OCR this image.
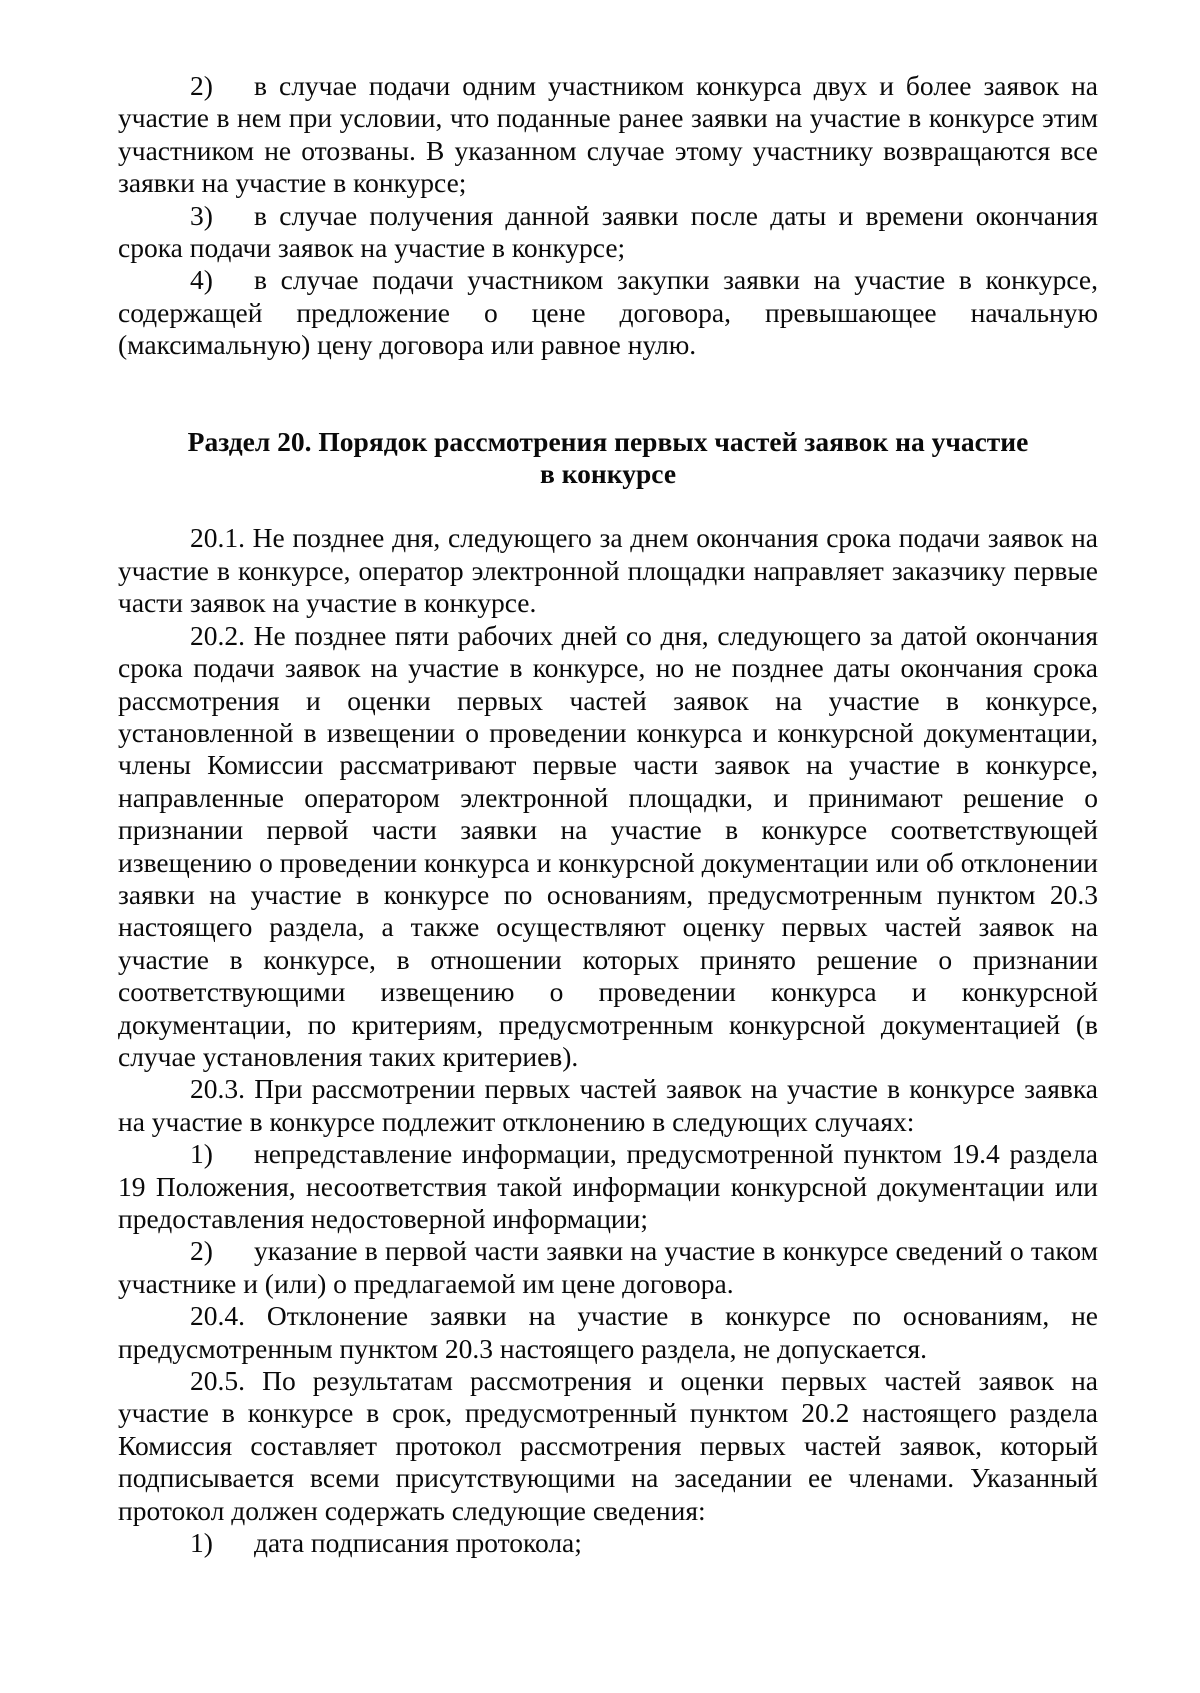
2) в случае подачи одним участником конкурса двух и более заявок на участие в нем при условии, что поданные ранее заявки на участие в конкурсе этим участником не отозваны. В указанном случае этому участнику возвращаются все заявки на участие в конкурсе;

3) в случае получения данной заявки после даты и времени окончания срока подачи заявок на участие в конкурсе;

4) в случае подачи участником закупки заявки на участие в конкурсе, содержащей предложение о цене договора, превышающее начальную (максимальную) цену договора или равное нулю.

Раздел 20. Порядок рассмотрения первых частей заявок на участие

в конкурсе

20.1. Не позднее дня, следующего за днем окончания срока подачи заявок на участие в конкурсе, оператор электронной площадки направляет заказчику первые части заявок на участие в конкурсе.

20.2. Не позднее пяти рабочих дней со дня, следующего за датой окончания срока подачи заявок на участие в конкурсе, но не позднее даты окончания срока рассмотрения и оценки первых частей заявок на участие в конкурсе, установленной в извещении о проведении конкурса и конкурсной документации, члены Комиссии рассматривают первые части заявок на участие в конкурсе, направленные оператором электронной площадки, и принимают решение о признании первой части заявки на участие в конкурсе соответствующей извещению о проведении конкурса и конкурсной документации или об отклонении заявки на участие в конкурсе по основаниям, предусмотренным пунктом 20.3 настоящего раздела, а также осуществляют оценку первых частей заявок на участие в конкурсе, в отношении которых принято решение о признании соответствующими извещению о проведении конкурса и конкурсной документации, по критериям, предусмотренным конкурсной документацией (в случае установления таких критериев).

20.3. При рассмотрении первых частей заявок на участие в конкурсе заявка на участие в конкурсе подлежит отклонению в следующих случаях:

1) непредставление информации, предусмотренной пунктом 19.4 раздела 19 Положения, несоответствия такой информации конкурсной документации или предоставления недостоверной информации;

2) указание в первой части заявки на участие в конкурсе сведений о таком участнике и (или) о предлагаемой им цене договора.

20.4. Отклонение заявки на участие в конкурсе по основаниям, не предусмотренным пунктом 20.3 настоящего раздела, не допускается.

20.5. По результатам рассмотрения и оценки первых частей заявок на участие в конкурсе в срок, предусмотренный пунктом 20.2 настоящего раздела Комиссия составляет протокол рассмотрения первых частей заявок, который подписывается всеми присутствующими на заседании ее членами. Указанный протокол должен содержать следующие сведения:

1) дата подписания протокола;
